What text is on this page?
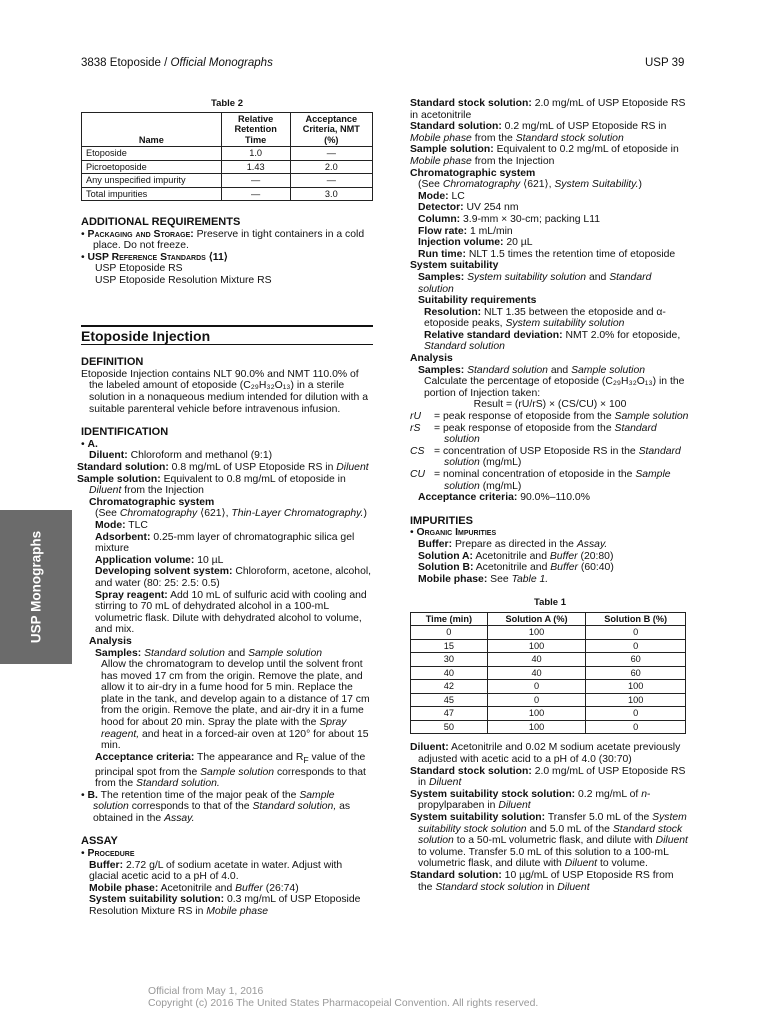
3838 Etoposide / Official Monographs	USP 39
USP Monographs

Table 2

Name	Relative Retention Time	Acceptance Criteria, NMT (%)
Etoposide	1.0	—
Picroetoposide	1.43	2.0
Any unspecified impurity	—	—
Total impurities	—	3.0

ADDITIONAL REQUIREMENTS

• Packaging and Storage: Preserve in tight containers in a cold place. Do not freeze.

• USP Reference Standards ⟨11⟩

USP Etoposide RS

USP Etoposide Resolution Mixture RS

Etoposide Injection

DEFINITION

Etoposide Injection contains NLT 90.0% and NMT 110.0% of the labeled amount of etoposide (C₂₉H₃₂O₁₃) in a sterile solution in a nonaqueous medium intended for dilution with a suitable parenteral vehicle before intravenous infusion.

IDENTIFICATION

• A.

Diluent: Chloroform and methanol (9:1)

Standard solution: 0.8 mg/mL of USP Etoposide RS in Diluent

Sample solution: Equivalent to 0.8 mg/mL of etoposide in Diluent from the Injection

Chromatographic system

(See Chromatography ⟨621⟩, Thin-Layer Chromatography.)

Mode: TLC

Adsorbent: 0.25-mm layer of chromatographic silica gel mixture

Application volume: 10 µL

Developing solvent system: Chloroform, acetone, alcohol, and water (80: 25: 2.5: 0.5)

Spray reagent: Add 10 mL of sulfuric acid with cooling and stirring to 70 mL of dehydrated alcohol in a 100-mL volumetric flask. Dilute with dehydrated alcohol to volume, and mix.

Analysis

Samples: Standard solution and Sample solution

Allow the chromatogram to develop until the solvent front has moved 17 cm from the origin. Remove the plate, and allow it to air-dry in a fume hood for 5 min. Replace the plate in the tank, and develop again to a distance of 17 cm from the origin. Remove the plate, and air-dry it in a fume hood for about 20 min. Spray the plate with the Spray reagent, and heat in a forced-air oven at 120° for about 15 min.

Acceptance criteria: The appearance and $R_F$ value of the principal spot from the Sample solution corresponds to that from the Standard solution.

• B. The retention time of the major peak of the Sample solution corresponds to that of the Standard solution, as obtained in the Assay.

ASSAY

• Procedure

Buffer: 2.72 g/L of sodium acetate in water. Adjust with glacial acetic acid to a pH of 4.0.

Mobile phase: Acetonitrile and Buffer (26:74)

System suitability solution: 0.3 mg/mL of USP Etoposide Resolution Mixture RS in Mobile phase

Standard stock solution: 2.0 mg/mL of USP Etoposide RS in acetonitrile

Standard solution: 0.2 mg/mL of USP Etoposide RS in Mobile phase from the Standard stock solution

Sample solution: Equivalent to 0.2 mg/mL of etoposide in Mobile phase from the Injection

Chromatographic system

(See Chromatography ⟨621⟩, System Suitability.)

Mode: LC

Detector: UV 254 nm

Column: 3.9-mm × 30-cm; packing L11

Flow rate: 1 mL/min

Injection volume: 20 µL

Run time: NLT 1.5 times the retention time of etoposide

System suitability

Samples: System suitability solution and Standard solution

Suitability requirements

Resolution: NLT 1.35 between the etoposide and α-etoposide peaks, System suitability solution

Relative standard deviation: NMT 2.0% for etoposide, Standard solution

Analysis

Samples: Standard solution and Sample solution

Calculate the percentage of etoposide (C₂₉H₃₂O₁₃) in the portion of Injection taken:

Result = (rU/rS) × (CS/CU) × 100

rU	= peak response of etoposide from the Sample solution
rS	= peak response of etoposide from the Standard solution
CS = concentration of USP Etoposide RS in the Standard solution (mg/mL)
CU = nominal concentration of etoposide in the Sample solution (mg/mL)

Acceptance criteria: 90.0%–110.0%

IMPURITIES

• Organic Impurities

Buffer: Prepare as directed in the Assay.

Solution A: Acetonitrile and Buffer (20:80)

Solution B: Acetonitrile and Buffer (60:40)

Mobile phase: See Table 1.

Table 1

Time (min)	Solution A (%)	Solution B (%)
0	100	0
15	100	0
30	40	60
40	40	60
42	0	100
45	0	100
47	100	0
50	100	0

Diluent: Acetonitrile and 0.02 M sodium acetate previously adjusted with acetic acid to a pH of 4.0 (30:70)

Standard stock solution: 2.0 mg/mL of USP Etoposide RS in Diluent

System suitability stock solution: 0.2 mg/mL of n-propylparaben in Diluent

System suitability solution: Transfer 5.0 mL of the System suitability stock solution and 5.0 mL of the Standard stock solution to a 50-mL volumetric flask, and dilute with Diluent to volume. Transfer 5.0 mL of this solution to a 100-mL volumetric flask, and dilute with Diluent to volume.

Standard solution: 10 µg/mL of USP Etoposide RS from the Standard stock solution in Diluent

Official from May 1, 2016
Copyright (c) 2016 The United States Pharmacopeial Convention. All rights reserved.
